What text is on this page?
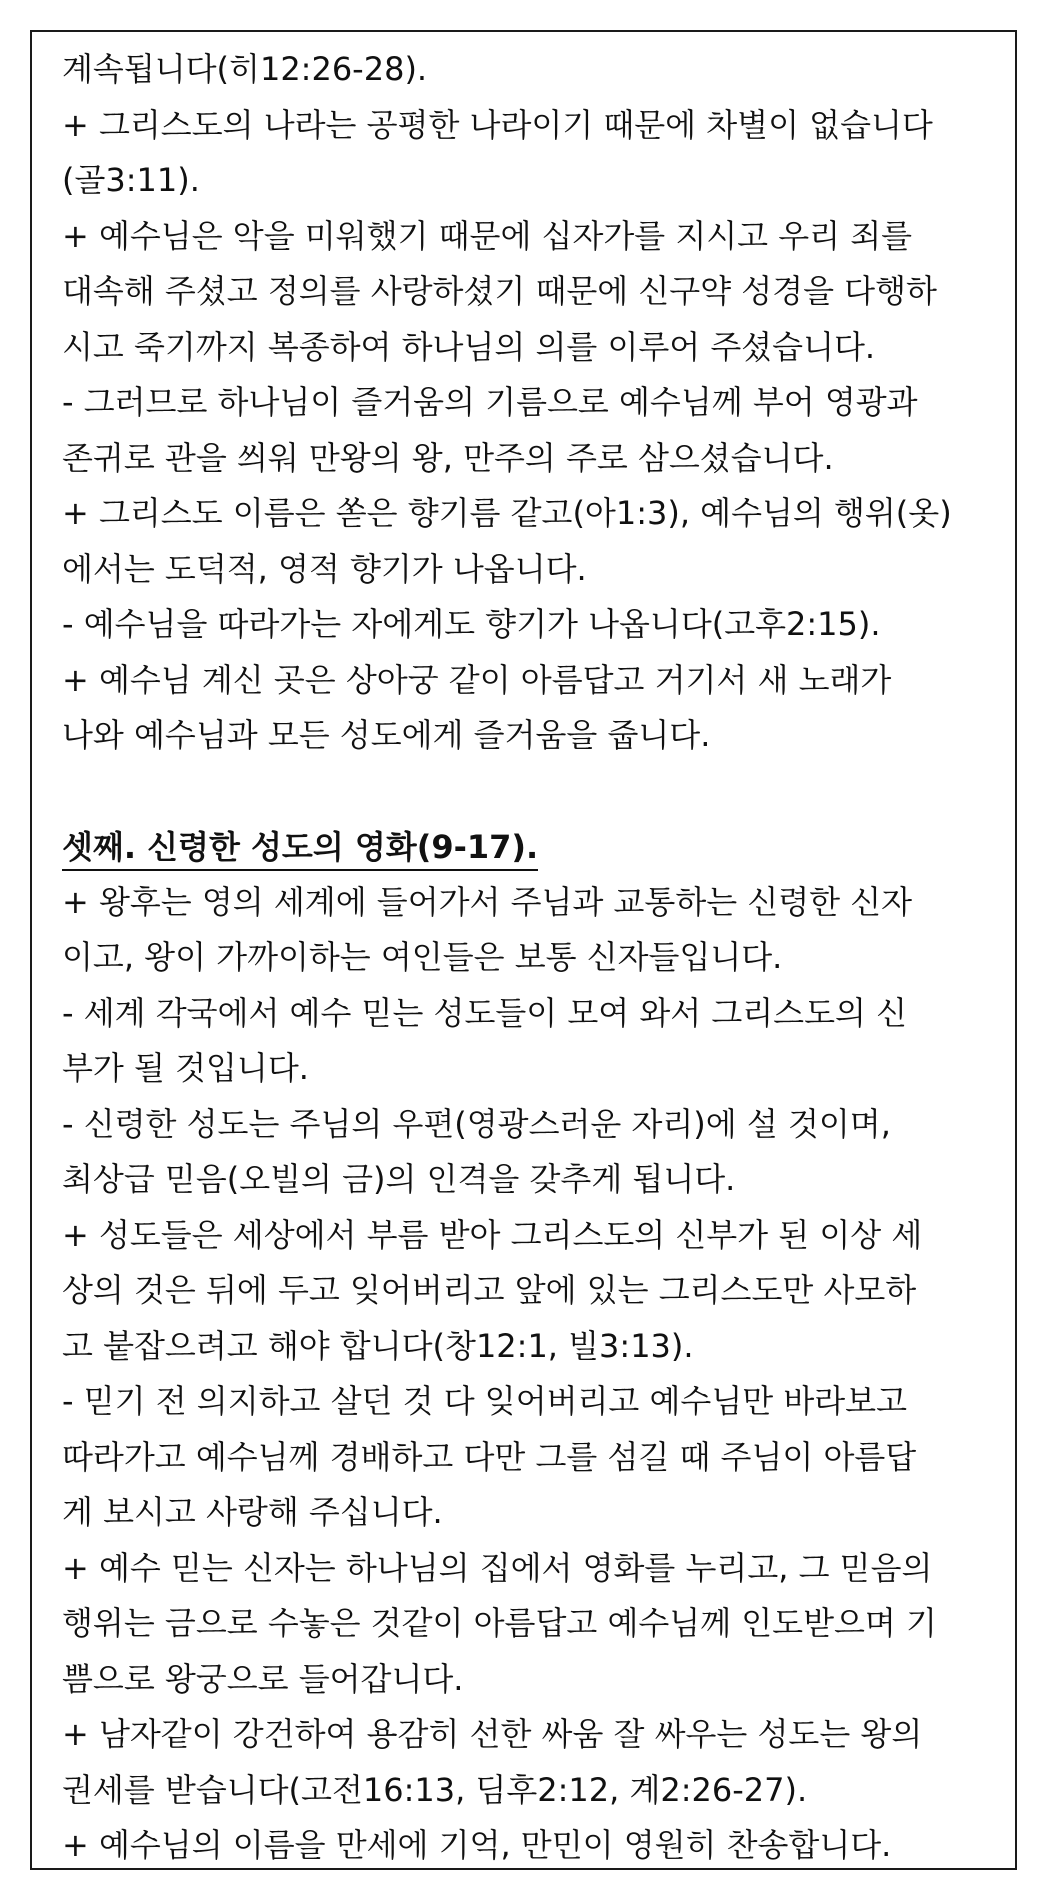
계속됩니다(히12:26-28).
+ 그리스도의 나라는 공평한 나라이기 때문에 차별이 없습니다
(골3:11).
+ 예수님은 악을 미워했기 때문에 십자가를 지시고 우리 죄를
대속해 주셨고 정의를 사랑하셨기 때문에 신구약 성경을 다행하
시고 죽기까지 복종하여 하나님의 의를 이루어 주셨습니다.
- 그러므로 하나님이 즐거움의 기름으로 예수님께 부어 영광과
존귀로 관을 씌워 만왕의 왕, 만주의 주로 삼으셨습니다.
+ 그리스도 이름은 쏟은 향기름 같고(아1:3), 예수님의 행위(옷)
에서는 도덕적, 영적 향기가 나옵니다.
- 예수님을 따라가는 자에게도 향기가 나옵니다(고후2:15).
+ 예수님 계신 곳은 상아궁 같이 아름답고 거기서 새 노래가
나와 예수님과 모든 성도에게 즐거움을 줍니다.
셋째. 신령한 성도의 영화(9-17).
+ 왕후는 영의 세계에 들어가서 주님과 교통하는 신령한 신자
이고, 왕이 가까이하는 여인들은 보통 신자들입니다.
- 세계 각국에서 예수 믿는 성도들이 모여 와서 그리스도의 신
부가 될 것입니다.
- 신령한 성도는 주님의 우편(영광스러운 자리)에 설 것이며,
최상급 믿음(오빌의 금)의 인격을 갖추게 됩니다.
+ 성도들은 세상에서 부름 받아 그리스도의 신부가 된 이상 세
상의 것은 뒤에 두고 잊어버리고 앞에 있는 그리스도만 사모하
고 붙잡으려고 해야 합니다(창12:1, 빌3:13).
- 믿기 전 의지하고 살던 것 다 잊어버리고 예수님만 바라보고
따라가고 예수님께 경배하고 다만 그를 섬길 때 주님이 아름답
게 보시고 사랑해 주십니다.
+ 예수 믿는 신자는 하나님의 집에서 영화를 누리고, 그 믿음의
행위는 금으로 수놓은 것같이 아름답고 예수님께 인도받으며 기
쁨으로 왕궁으로 들어갑니다.
+ 남자같이 강건하여 용감히 선한 싸움 잘 싸우는 성도는 왕의
권세를 받습니다(고전16:13, 딤후2:12, 계2:26-27).
+ 예수님의 이름을 만세에 기억, 만민이 영원히 찬송합니다.
